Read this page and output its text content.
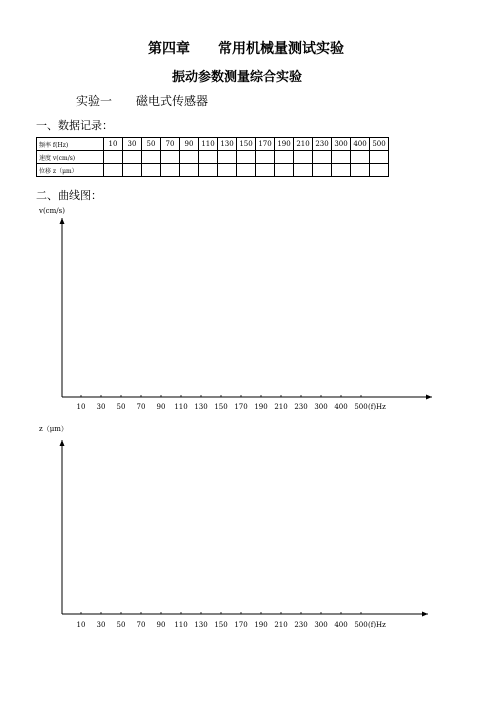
第四章　　常用机械量测试实验
振动参数测量综合实验
实验一　　磁电式传感器
一、数据记录：
频率 f(Hz)	10	30	50	70	90	110	130	150	170	190	210	230	300	400	500
速度 v(cm/s)															
位移 z（μm）															
二、曲线图：
v(cm/s)
10 30 50 70 90 110 130 150 170 190 210 230 300 400 500 (f)Hz
10 30 50 70 90 110 130 150 170 190 210 230 300 400 500 (f)Hz
z（μm）
